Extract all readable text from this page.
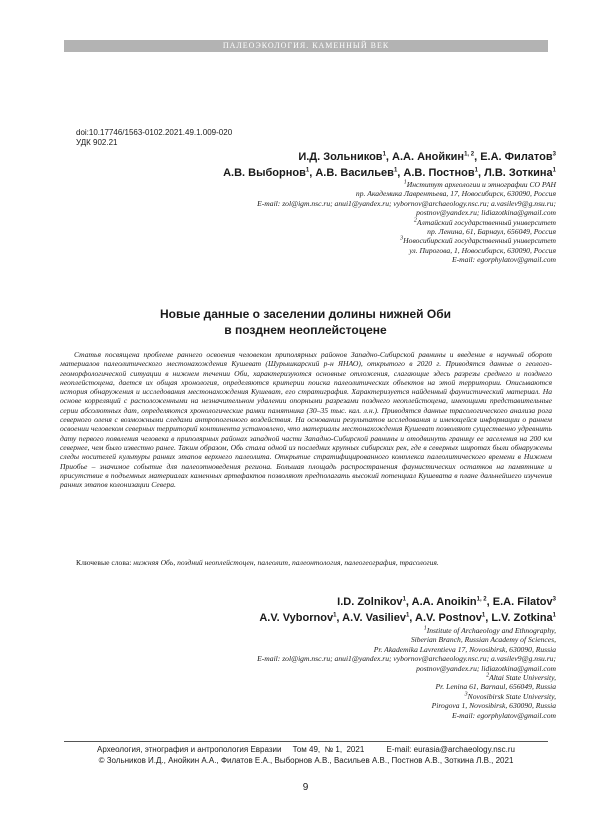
ПАЛЕОЭКОЛОГИЯ. КАМЕННЫЙ ВЕК
doi:10.17746/1563-0102.2021.49.1.009-020
УДК 902.21
И.Д. Зольников$^1$, А.А. Анойкин$^{1, 2}$, Е.А. Филатов$^3$
А.В. Выборнов$^1$, А.В. Васильев$^1$, А.В. Постнов$^1$, Л.В. Зоткина$^1$
$^1$Институт археологии и этнографии СО РАН
пр. Академика Лаврентьева, 17, Новосибирск, 630090, Россия
E-mail: zol@igm.nsc.ru; anui1@yandex.ru; vybornov@archaeology.nsc.ru; a.vasilev9@g.nsu.ru;
postnov@yandex.ru; lidiazotkina@gmail.com
$^2$Алтайский государственный университет
пр. Ленина, 61, Барнаул, 656049, Россия
$^3$Новосибирский государственный университет
ул. Пирогова, 1, Новосибирск, 630090, Россия
E-mail: egorphylatov@gmail.com
Новые данные о заселении долины нижней Оби
в позднем неоплейстоцене
Статья посвящена проблеме раннего освоения человеком приполярных районов Западно-Сибирской равнины и введение в научный оборот материалов палеолитического местонахождения Кушеват (Шурышкарский р-н ЯНАО), открытого в 2020 г. Приводятся данные о геолого-геоморфологической ситуации в нижнем течении Оби, характеризуются основные отложения, слагающие здесь разрезы среднего и позднего неоплейстоцена, дается их общая хронология, определяются критерии поиска палеолитических объектов на этой территории. Описываются история обнаружения и исследования местонахождения Кушеват, его стратиграфия. Характеризуется найденный фаунистический материал. На основе корреляций с расположенными на незначительном удалении опорными разрезами позднего неоплейстоцена, имеющими представительные серии абсолютных дат, определяются хронологические рамки памятника (30–35 тыс. кал. л.н.). Приводятся данные трасологического анализа рога северного оленя с возможными следами антропогенного воздействия. На основании результатов исследования и имеющейся информации о раннем освоении человеком северных территорий континента установлено, что материалы местонахождения Кушеват позволяют существенно удревнить дату первого появления человека в приполярных районах западной части Западно-Сибирской равнины и отодвинуть границу ее заселения на 200 км севернее, чем было известно ранее. Таким образом, Обь стала одной из последних крупных сибирских рек, где в северных широтах были обнаружены следы носителей культуры ранних этапов верхнего палеолита. Открытие стратифицированного комплекса палеолитического времени в Нижнем Приобье – значимое событие для палеоэтноведения региона. Большая площадь распространения фаунистических остатков на памятнике и присутствие в подъемных материалах каменных артефактов позволяют предполагать высокий потенциал Кушевата в плане дальнейшего изучения ранних этапов колонизации Севера.
Ключевые слова: нижняя Обь, поздний неоплейстоцен, палеолит, палеонтология, палеогеография, трасология.
I.D. Zolnikov$^1$, A.A. Anoikin$^{1, 2}$, E.A. Filatov$^3$
A.V. Vybornov$^1$, A.V. Vasiliev$^1$, A.V. Postnov$^1$, L.V. Zotkina$^1$
$^1$Institute of Archaeology and Ethnography,
Siberian Branch, Russian Academy of Sciences,
Pr. Akademika Lavrentieva 17, Novosibirsk, 630090, Russia
E-mail: zol@igm.nsc.ru; anui1@yandex.ru; vybornov@archaeology.nsc.ru; a.vasilev9@g.nsu.ru;
postnov@yandex.ru; lidiazotkina@gmail.com
$^2$Altai State University,
Pr. Lenina 61, Barnaul, 656049, Russia
$^3$Novosibirsk State University,
Pirogova 1, Novosibirsk, 630090, Russia
E-mail: egorphylatov@gmail.com
Археология, этнография и антропология Евразии     Том 49,  № 1,  2021          E-mail: eurasia@archaeology.nsc.ru
© Зольников И.Д., Анойкин А.А., Филатов Е.А., Выборнов А.В., Васильев А.В., Постнов А.В., Зоткина Л.В., 2021
9
